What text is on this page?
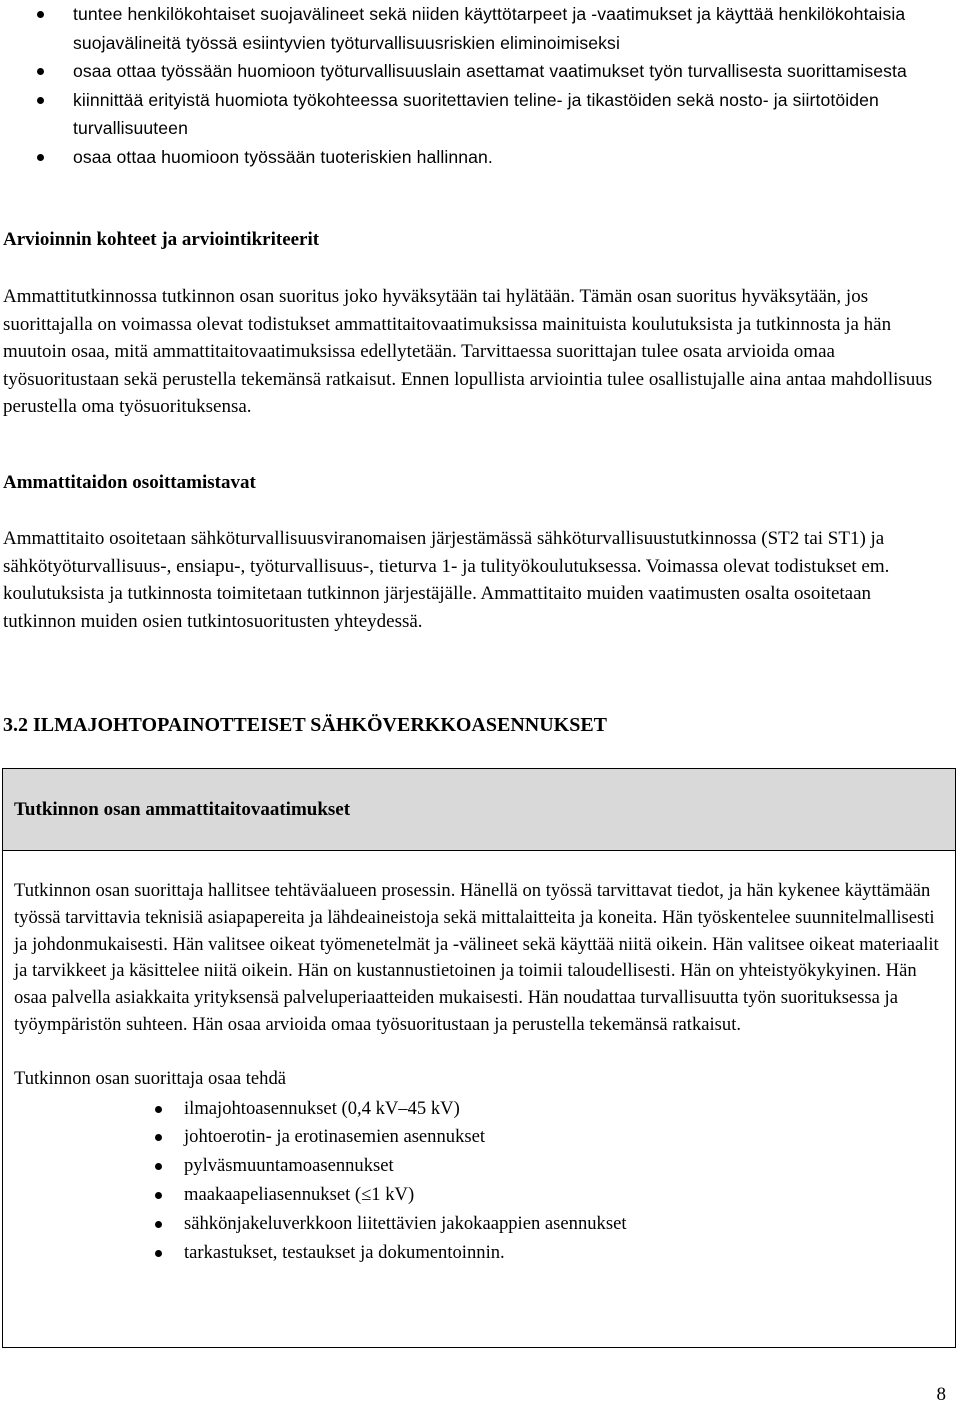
tuntee henkilökohtaiset suojavälineet sekä niiden käyttötarpeet ja -vaatimukset ja käyttää henkilökohtaisia suojavälineitä työssä esiintyvien työturvallisuusriskien eliminoimiseksi
osaa ottaa työssään huomioon työturvallisuuslain asettamat vaatimukset työn turvallisesta suorittamisesta
kiinnittää erityistä huomiota työkohteessa suoritettavien teline- ja tikastöiden sekä nosto- ja siirtotöiden turvallisuuteen
osaa ottaa huomioon työssään tuoteriskien hallinnan.
Arvioinnin kohteet ja arviointikriteerit

Ammattitutkinnossa tutkinnon osan suoritus joko hyväksytään tai hylätään. Tämän osan suoritus hyväksytään, jos suorittajalla on voimassa olevat todistukset ammattitaitovaatimuksissa mainituista koulutuksista ja tutkinnosta ja hän muutoin osaa, mitä ammattitaitovaatimuksissa edellytetään. Tarvittaessa suorittajan tulee osata arvioida omaa työsuoritustaan sekä perustella tekemänsä ratkaisut. Ennen lopullista arviointia tulee osallistujalle aina antaa mahdollisuus perustella oma työsuorituksensa.

Ammattitaidon osoittamistavat

Ammattitaito osoitetaan sähköturvallisuusviranomaisen järjestämässä sähköturvallisuustutkinnossa (ST2 tai ST1) ja sähkötyöturvallisuus-, ensiapu-, työturvallisuus-, tieturva 1- ja tulityökoulutuksessa. Voimassa olevat todistukset em. koulutuksista ja tutkinnosta toimitetaan tutkinnon järjestäjälle. Ammattitaito muiden vaatimusten osalta osoitetaan tutkinnon muiden osien tutkintosuoritusten yhteydessä.

3.2 ILMAJOHTOPAINOTTEISET SÄHKÖVERKKOASENNUKSET
Tutkinnon osan ammattitaitovaatimukset

Tutkinnon osan suorittaja hallitsee tehtäväalueen prosessin. Hänellä on työssä tarvittavat tiedot, ja hän kykenee käyttämään työssä tarvittavia teknisiä asiapapereita ja lähdeaineistoja sekä mittalaitteita ja koneita. Hän työskentelee suunnitelmallisesti ja johdonmukaisesti. Hän valitsee oikeat työmenetelmät ja -välineet sekä käyttää niitä oikein. Hän valitsee oikeat materiaalit ja tarvikkeet ja käsittelee niitä oikein. Hän on kustannustietoinen ja toimii taloudellisesti. Hän on yhteistyökykyinen. Hän osaa palvella asiakkaita yrityksensä palveluperiaatteiden mukaisesti. Hän noudattaa turvallisuutta työn suorituksessa ja työympäristön suhteen. Hän osaa arvioida omaa työsuoritustaan ja perustella tekemänsä ratkaisut.

Tutkinnon osan suorittaja osaa tehdä

ilmajohtoasennukset (0,4 kV–45 kV)
johtoerotin- ja erotinasemien asennukset
pylväsmuuntamoasennukset
maakaapeliasennukset (≤1 kV)
sähkönjakeluverkkoon liitettävien jakokaappien asennukset
tarkastukset, testaukset ja dokumentoinnin.
8
